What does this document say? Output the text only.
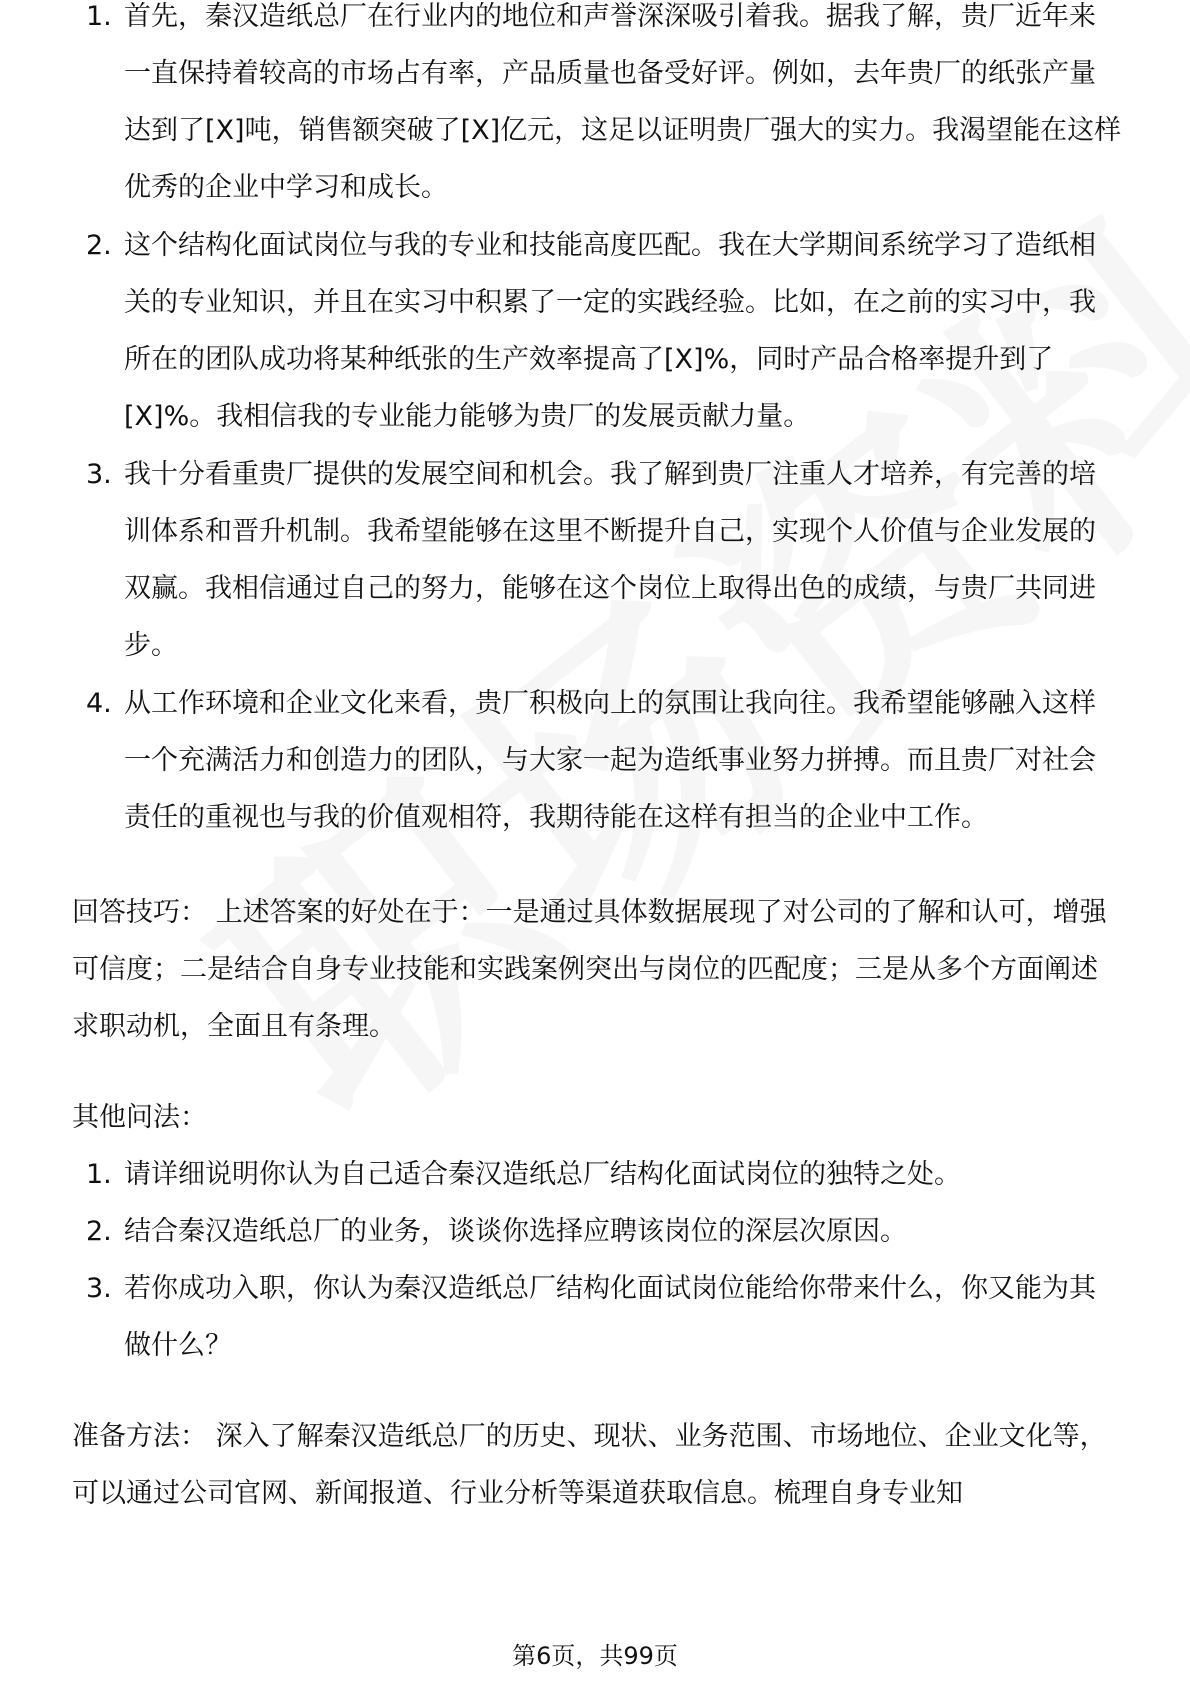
1. 首先，秦汉造纸总厂在行业内的地位和声誉深深吸引着我。据我了解，贵厂近年来一直保持着较高的市场占有率，产品质量也备受好评。例如，去年贵厂的纸张产量达到了[X]吨，销售额突破了[X]亿元，这足以证明贵厂强大的实力。我渴望能在这样优秀的企业中学习和成长。
2. 这个结构化面试岗位与我的专业和技能高度匹配。我在大学期间系统学习了造纸相关的专业知识，并且在实习中积累了一定的实践经验。比如，在之前的实习中，我所在的团队成功将某种纸张的生产效率提高了[X]%，同时产品合格率提升到了[X]%。我相信我的专业能力能够为贵厂的发展贡献力量。
3. 我十分看重贵厂提供的发展空间和机会。我了解到贵厂注重人才培养，有完善的培训体系和晋升机制。我希望能够在这里不断提升自己，实现个人价值与企业发展的双赢。我相信通过自己的努力，能够在这个岗位上取得出色的成绩，与贵厂共同进步。
4. 从工作环境和企业文化来看，贵厂积极向上的氛围让我向往。我希望能够融入这样一个充满活力和创造力的团队，与大家一起为造纸事业努力拼搏。而且贵厂对社会责任的重视也与我的价值观相符，我期待能在这样有担当的企业中工作。
回答技巧： 上述答案的好处在于：一是通过具体数据展现了对公司的了解和认可，增强可信度；二是结合自身专业技能和实践案例突出与岗位的匹配度；三是从多个方面阐述求职动机，全面且有条理。
其他问法：
1. 请详细说明你认为自己适合秦汉造纸总厂结构化面试岗位的独特之处。
2. 结合秦汉造纸总厂的业务，谈谈你选择应聘该岗位的深层次原因。
3. 若你成功入职，你认为秦汉造纸总厂结构化面试岗位能给你带来什么，你又能为其做什么？
准备方法： 深入了解秦汉造纸总厂的历史、现状、业务范围、市场地位、企业文化等，可以通过公司官网、新闻报道、行业分析等渠道获取信息。梳理自身专业知
第6页，共99页
